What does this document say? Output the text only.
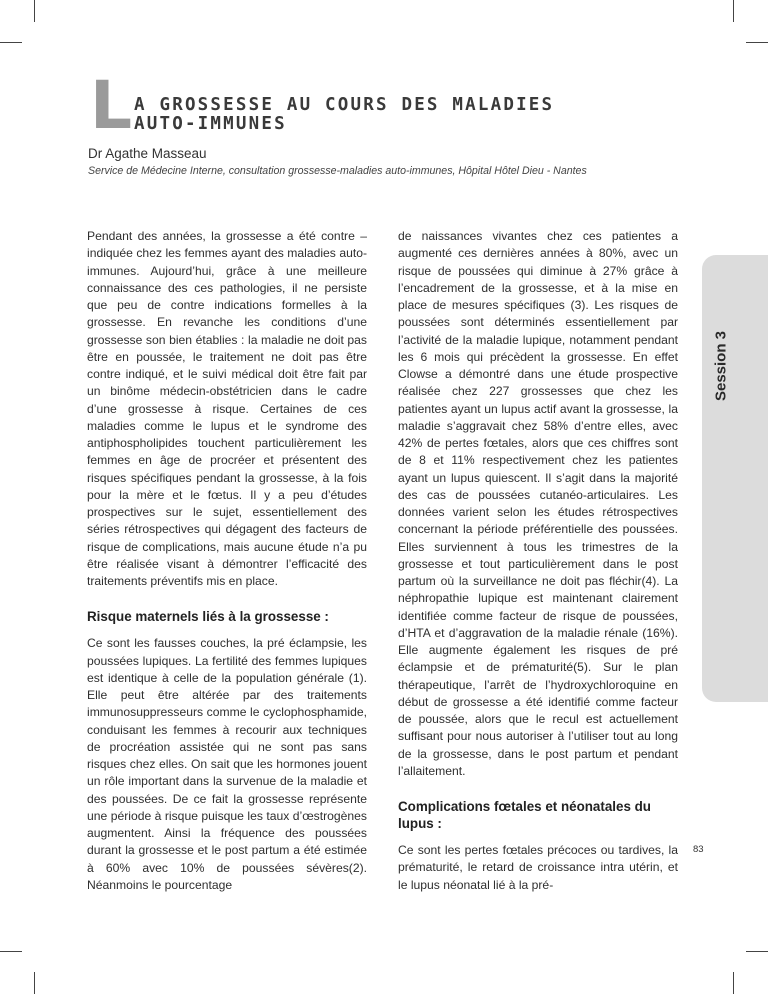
L A GROSSESSE AU COURS DES MALADIES
AUTO-IMMUNES
Dr Agathe Masseau
Service de Médecine Interne, consultation grossesse-maladies auto-immunes, Hôpital Hôtel Dieu - Nantes

Pendant des années, la grossesse a été contre –indiquée chez les femmes ayant des maladies auto-immunes. Aujourd’hui, grâce à une meilleure connaissance des ces pathologies, il ne persiste que peu de contre indications formelles à la grossesse. En revanche les conditions d’une grossesse son bien établies : la maladie ne doit pas être en poussée, le traitement ne doit pas être contre indiqué, et le suivi médical doit être fait par un binôme médecin-obstétricien dans le cadre d’une grossesse à risque. Certaines de ces maladies comme le lupus et le syndrome des antiphospholipides touchent particulièrement les femmes en âge de procréer et présentent des risques spécifiques pendant la grossesse, à la fois pour la mère et le fœtus. Il y a peu d’études prospectives sur le sujet, essentiellement des séries rétrospectives qui dégagent des facteurs de risque de complications, mais aucune étude n’a pu être réalisée visant à démontrer l’efficacité des traitements préventifs mis en place.

Risque maternels liés à la grossesse :

Ce sont les fausses couches, la pré éclampsie, les poussées lupiques. La fertilité des femmes lupiques est identique à celle de la population générale (1). Elle peut être altérée par des traitements immunosuppresseurs comme le cyclophosphamide, conduisant les femmes à recourir aux techniques de procréation assistée qui ne sont pas sans risques chez elles. On sait que les hormones jouent un rôle important dans la survenue de la maladie et des poussées. De ce fait la grossesse représente une période à risque puisque les taux d’œstrogènes augmentent. Ainsi la fréquence des poussées durant la grossesse et le post partum a été estimée à 60% avec 10% de poussées sévères(2). Néanmoins le pourcentage

de naissances vivantes chez ces patientes a augmenté ces dernières années à 80%, avec un risque de poussées qui diminue à 27% grâce à l’encadrement de la grossesse, et à la mise en place de mesures spécifiques (3). Les risques de poussées sont déterminés essentiellement par l’activité de la maladie lupique, notamment pendant les 6 mois qui précèdent la grossesse. En effet Clowse a démontré dans une étude prospective réalisée chez 227 grossesses que chez les patientes ayant un lupus actif avant la grossesse, la maladie s’aggravait chez 58% d’entre elles, avec 42% de pertes fœtales, alors que ces chiffres sont de 8 et 11% respectivement chez les patientes ayant un lupus quiescent. Il s’agit dans la majorité des cas de poussées cutanéo-articulaires. Les données varient selon les études rétrospectives concernant la période préférentielle des poussées. Elles surviennent à tous les trimestres de la grossesse et tout particulièrement dans le post partum où la surveillance ne doit pas fléchir(4). La néphropathie lupique est maintenant clairement identifiée comme facteur de risque de poussées, d’HTA et d’aggravation de la maladie rénale (16%). Elle augmente également les risques de pré éclampsie et de prématurité(5). Sur le plan thérapeutique, l’arrêt de l’hydroxychloroquine en début de grossesse a été identifié comme facteur de poussée, alors que le recul est actuellement suffisant pour nous autoriser à l’utiliser tout au long de la grossesse, dans le post partum et pendant l’allaitement.

Complications fœtales et néonatales du lupus :

Ce sont les pertes fœtales précoces ou tardives, la prématurité, le retard de croissance intra utérin, et le lupus néonatal lié à la pré-

Session 3
83
